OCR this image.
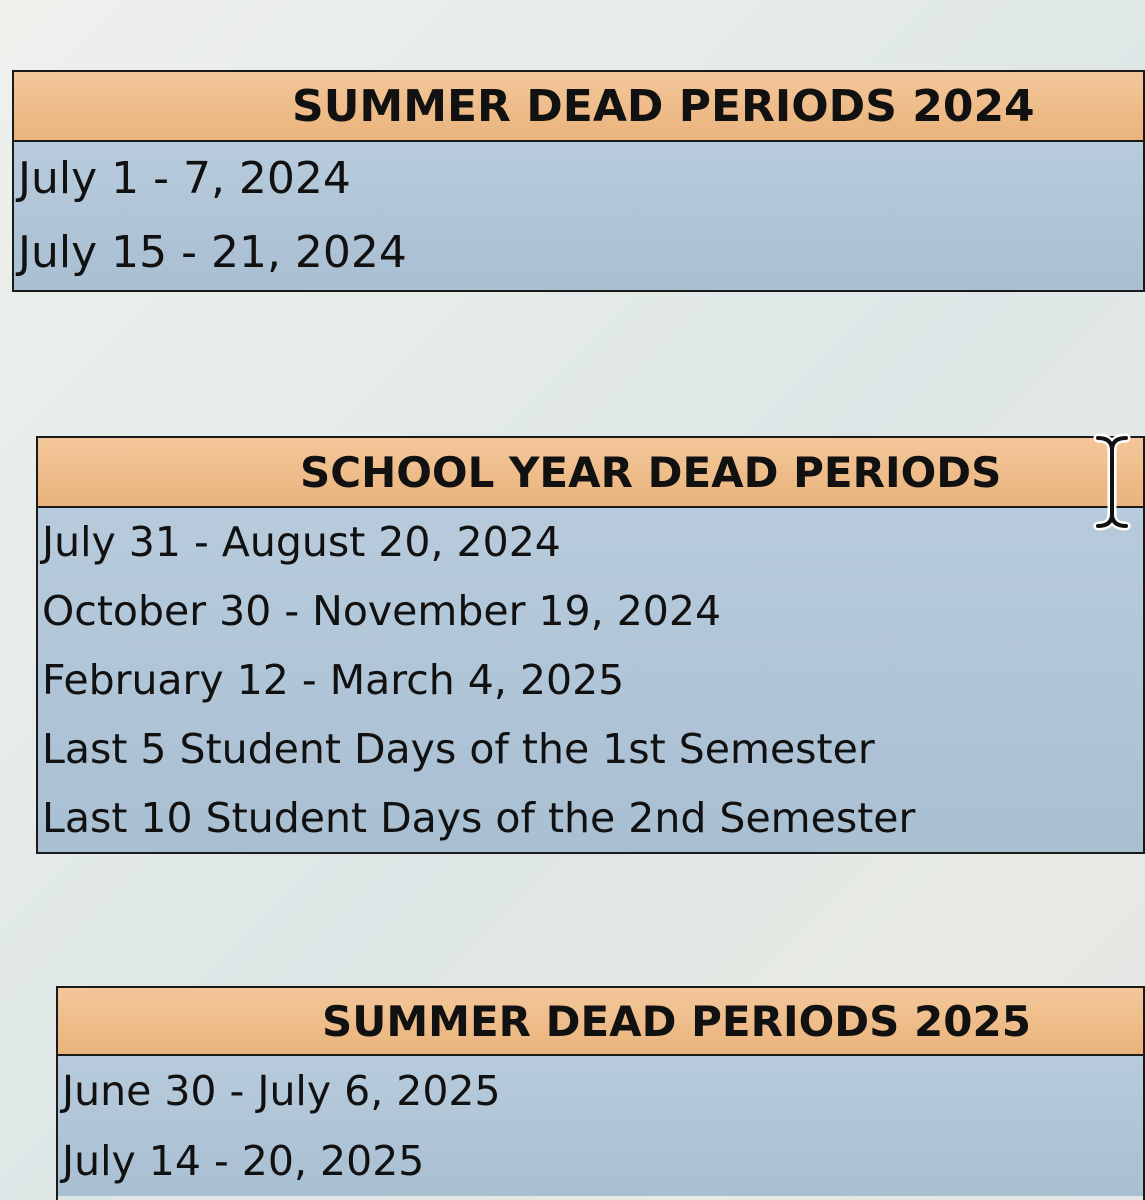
SUMMER DEAD PERIODS 2024
July 1 - 7, 2024
July 15 - 21, 2024
SCHOOL YEAR DEAD PERIODS
July 31 - August 20, 2024
October 30 - November 19, 2024
February 12 - March 4, 2025
Last 5 Student Days of the 1st Semester
Last 10 Student Days of the 2nd Semester
SUMMER DEAD PERIODS 2025
June 30 - July 6, 2025
July 14 - 20, 2025
